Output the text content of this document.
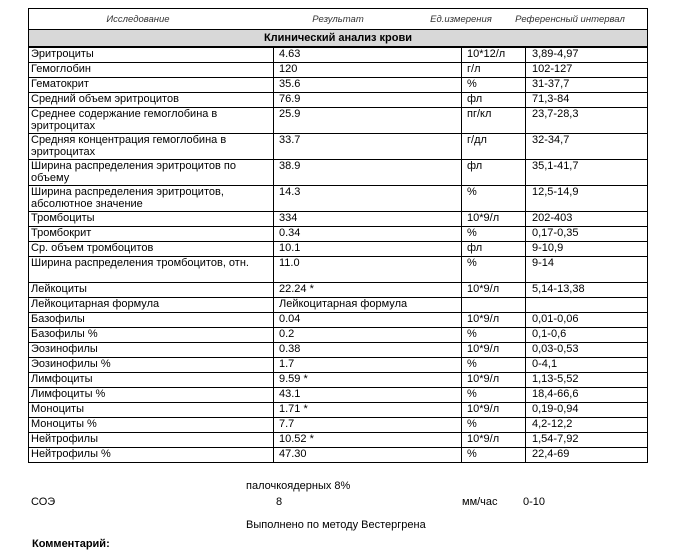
Исследование	Результат	Ед.измерения	Референсный интервал
Клинический анализ крови
Эритроциты	4.63	10*12/л	3,89-4,97
Гемоглобин	120	г/л	102-127
Гематокрит	35.6	%	31-37,7
Средний объем эритроцитов	76.9	фл	71,3-84
Среднее содержание гемоглобина в эритроцитах	25.9	пг/кл	23,7-28,3
Средняя концентрация гемоглобина в эритроцитах	33.7	г/дл	32-34,7
Ширина распределения эритроцитов по объему	38.9	фл	35,1-41,7
Ширина распределения эритроцитов, абсолютное значение	14.3	%	12,5-14,9
Тромбоциты	334	10*9/л	202-403
Тромбокрит	0.34	%	0,17-0,35
Ср. объем тромбоцитов	10.1	фл	9-10,9
Ширина распределения тромбоцитов, отн.	11.0	%	9-14
Лейкоциты	22.24 *	10*9/л	5,14-13,38
Лейкоцитарная формула	Лейкоцитарная формула		
Базофилы	0.04	10*9/л	0,01-0,06
Базофилы %	0.2	%	0,1-0,6
Эозинофилы	0.38	10*9/л	0,03-0,53
Эозинофилы %	1.7	%	0-4,1
Лимфоциты	9.59 *	10*9/л	1,13-5,52
Лимфоциты %	43.1	%	18,4-66,6
Моноциты	1.71 *	10*9/л	0,19-0,94
Моноциты %	7.7	%	4,2-12,2
Нейтрофилы	10.52 *	10*9/л	1,54-7,92
Нейтрофилы %	47.30	%	22,4-69
палочкоядерных 8%
СОЭ	8	мм/час 0-10
Выполнено по методу Вестергрена
Комментарий:
